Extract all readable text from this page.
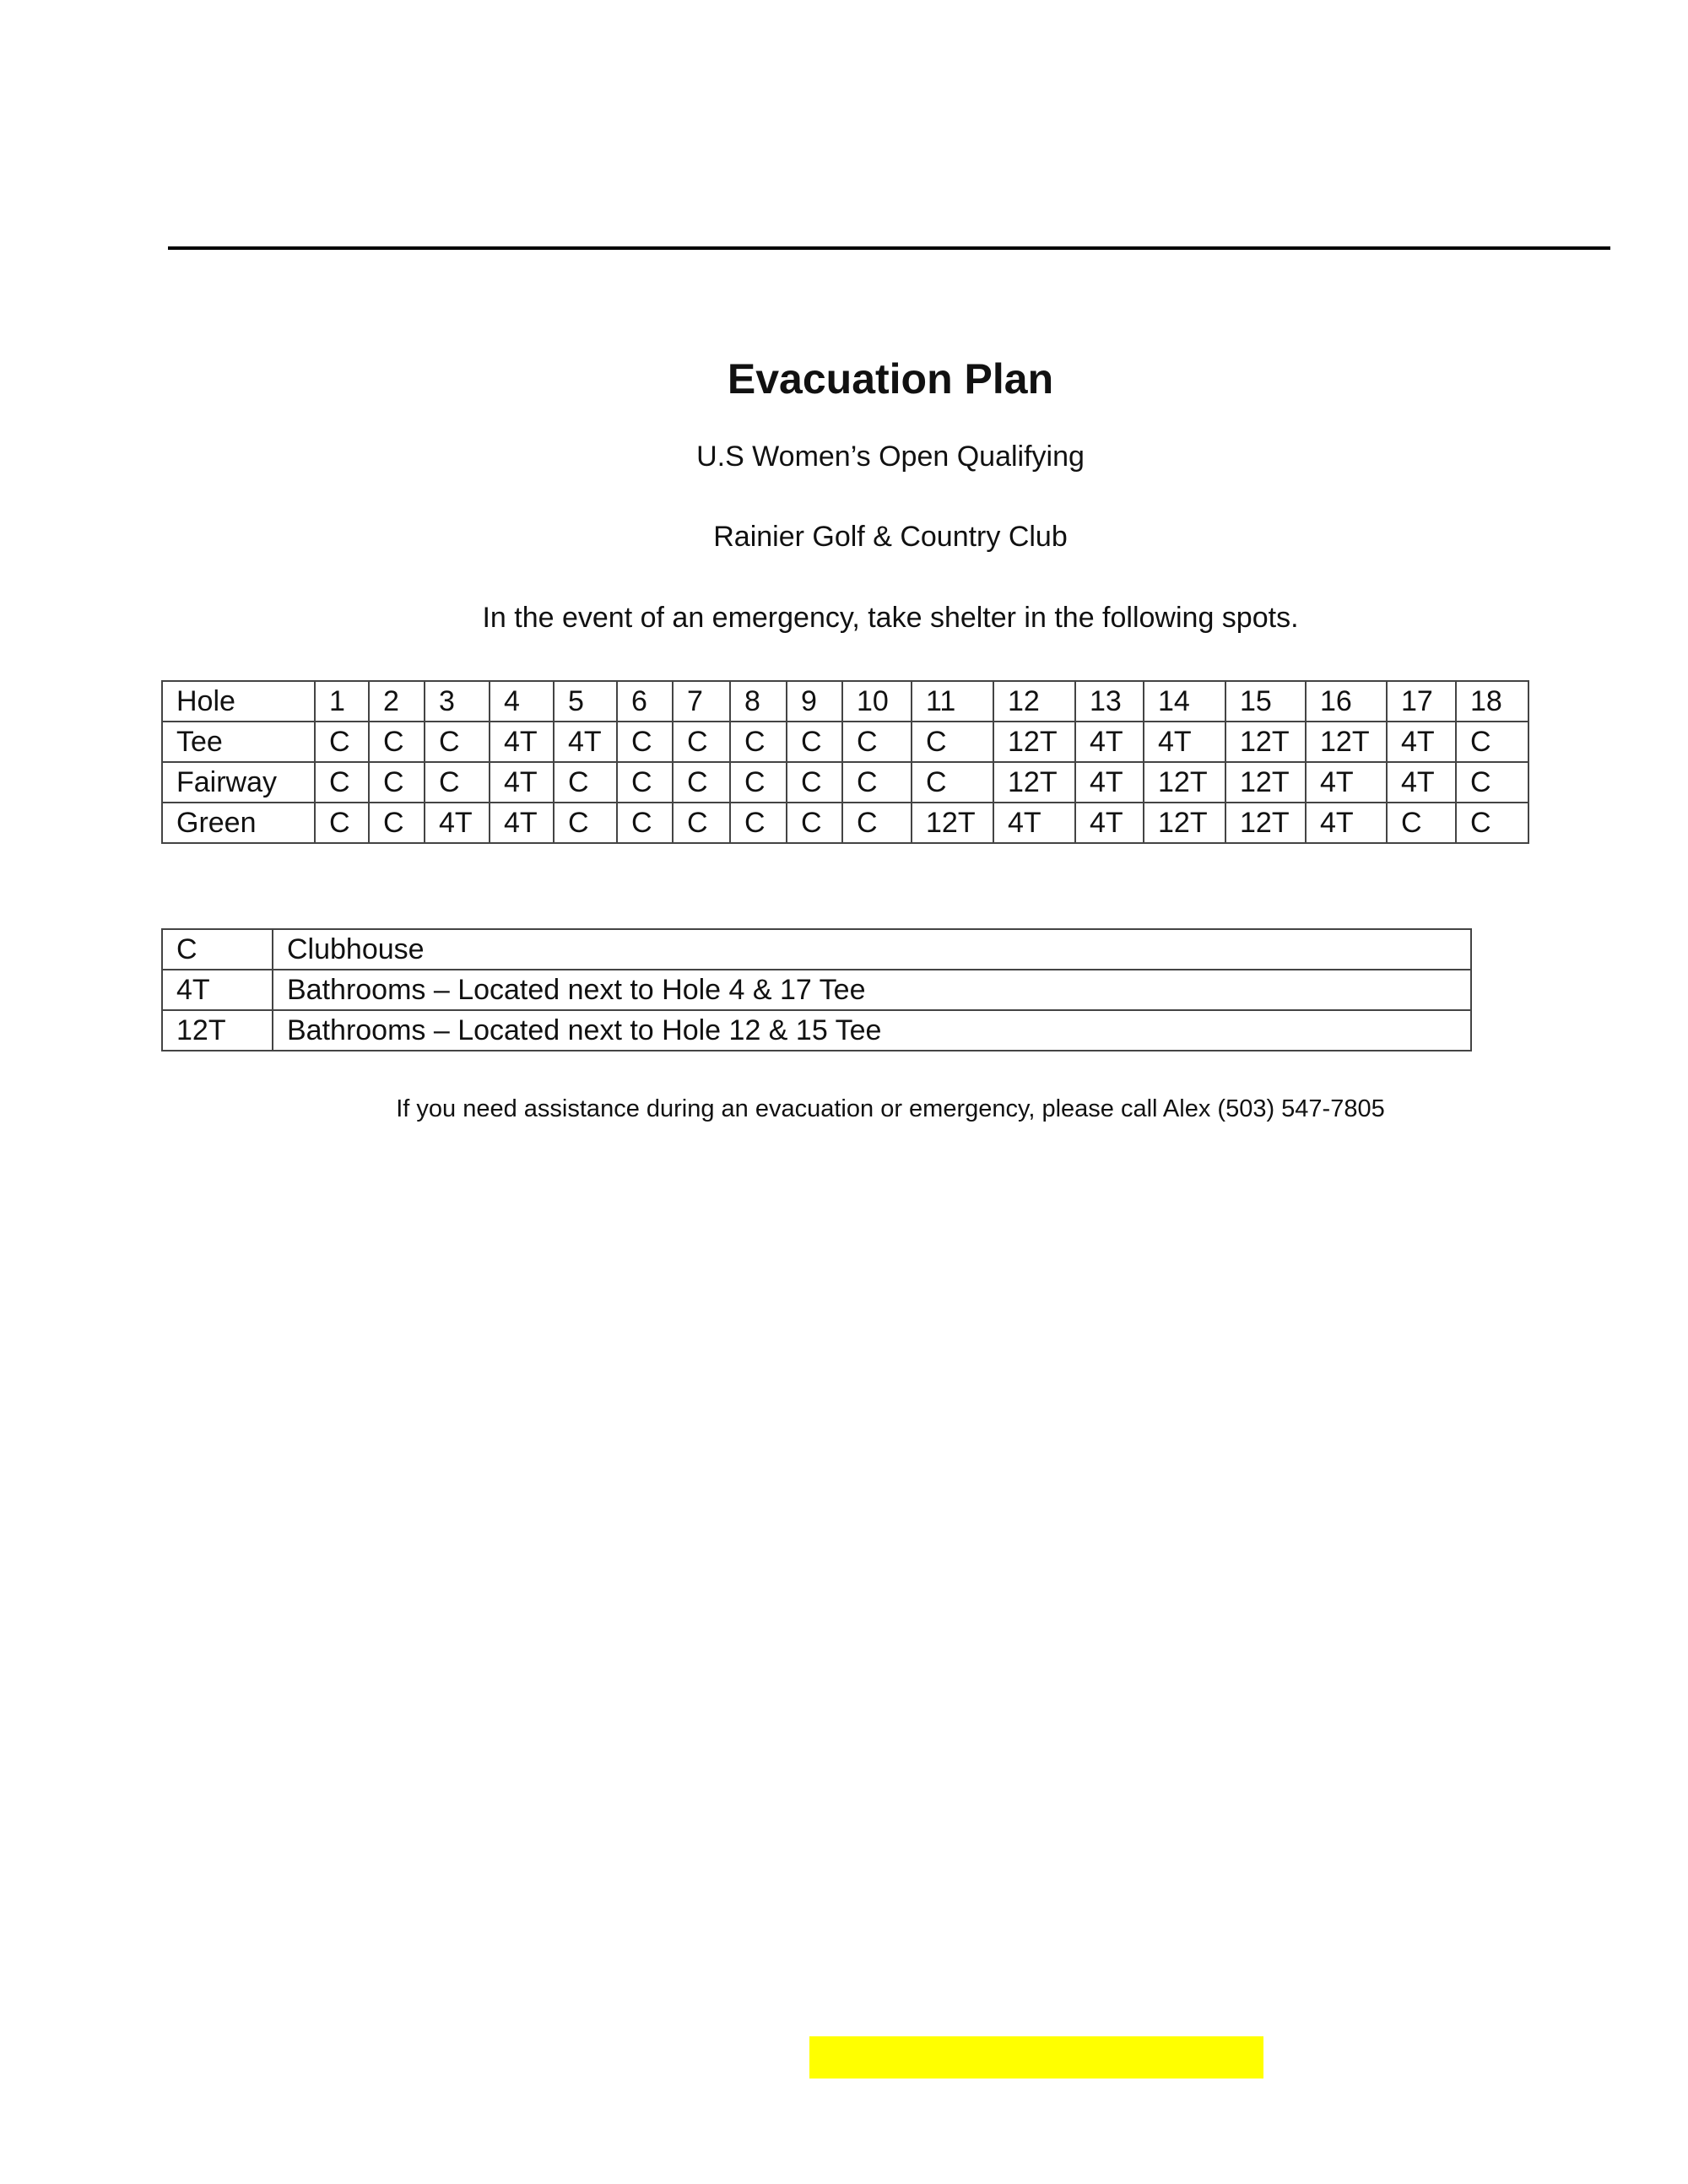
Evacuation Plan
U.S Women’s Open Qualifying
Rainier Golf & Country Club
In the event of an emergency, take shelter in the following spots.
Hole	1	2	3	4	5	6	7	8	9	10	11	12	13	14	15	16	17	18
Tee	C	C	C	4T	4T	C	C	C	C	C	C	12T	4T	4T	12T	12T	4T	C
Fairway	C	C	C	4T	C	C	C	C	C	C	C	12T	4T	12T	12T	4T	4T	C
Green	C	C	4T	4T	C	C	C	C	C	C	12T	4T	4T	12T	12T	4T	C	C
C	Clubhouse
4T	Bathrooms – Located next to Hole 4 & 17 Tee
12T	Bathrooms – Located next to Hole 12 & 15 Tee
If you need assistance during an evacuation or emergency, please call Alex (503) 547-7805
